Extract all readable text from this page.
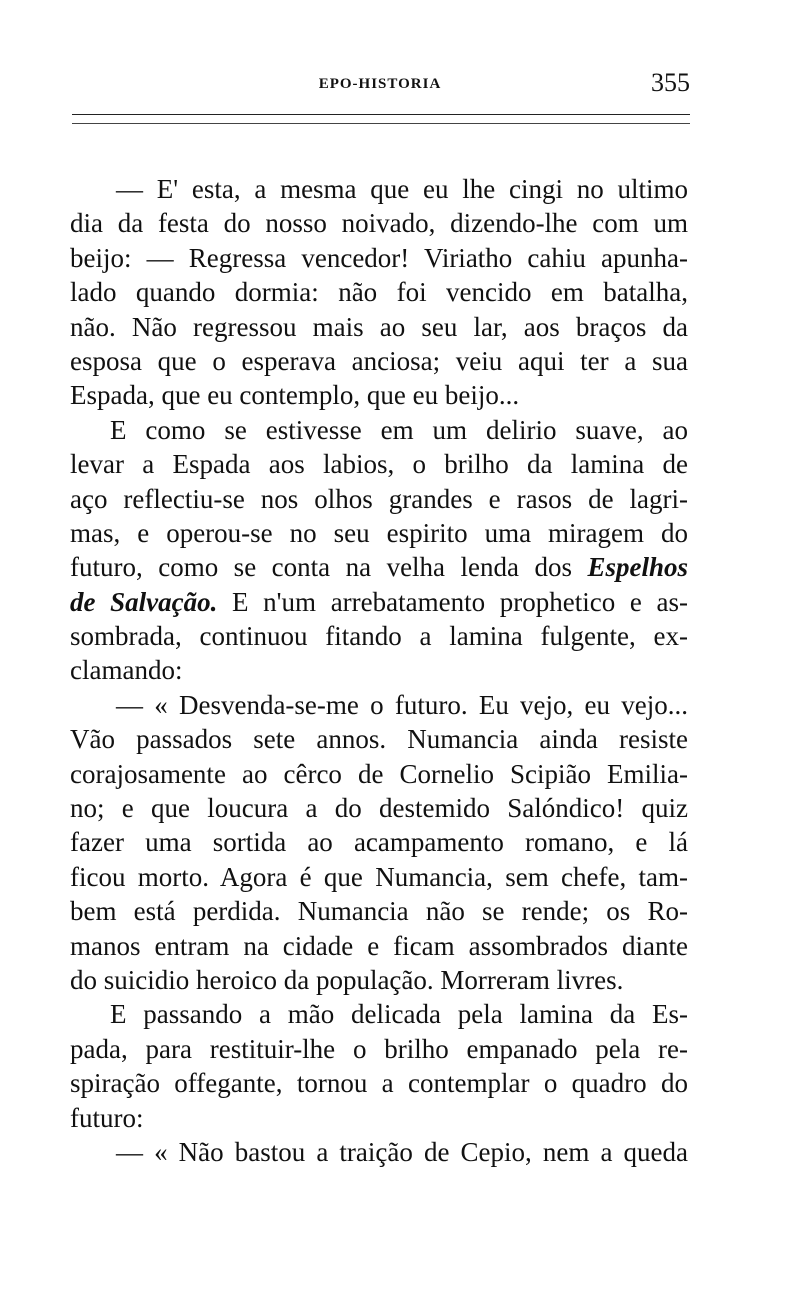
EPO-HISTORIA	355
— E' esta, a mesma que eu lhe cingi no ultimo
dia da festa do nosso noivado, dizendo-lhe com um
beijo: — Regressa vencedor! Viriatho cahiu apunha-
lado quando dormia: não foi vencido em batalha,
não. Não regressou mais ao seu lar, aos braços da
esposa que o esperava anciosa; veiu aqui ter a sua
Espada, que eu contemplo, que eu beijo...
E como se estivesse em um delirio suave, ao
levar a Espada aos labios, o brilho da lamina de
aço reflectiu-se nos olhos grandes e rasos de lagri-
mas, e operou-se no seu espirito uma miragem do
futuro, como se conta na velha lenda dos Espelhos
de Salvação. E n'um arrebatamento prophetico e as-
sombrada, continuou fitando a lamina fulgente, ex-
clamando:
— « Desvenda-se-me o futuro. Eu vejo, eu vejo...
Vão passados sete annos. Numancia ainda resiste
corajosamente ao cêrco de Cornelio Scipião Emilia-
no; e que loucura a do destemido Salóndico! quiz
fazer uma sortida ao acampamento romano, e lá
ficou morto. Agora é que Numancia, sem chefe, tam-
bem está perdida. Numancia não se rende; os Ro-
manos entram na cidade e ficam assombrados diante
do suicidio heroico da população. Morreram livres.
E passando a mão delicada pela lamina da Es-
pada, para restituir-lhe o brilho empanado pela re-
spiração offegante, tornou a contemplar o quadro do
futuro:
— « Não bastou a traição de Cepio, nem a queda
